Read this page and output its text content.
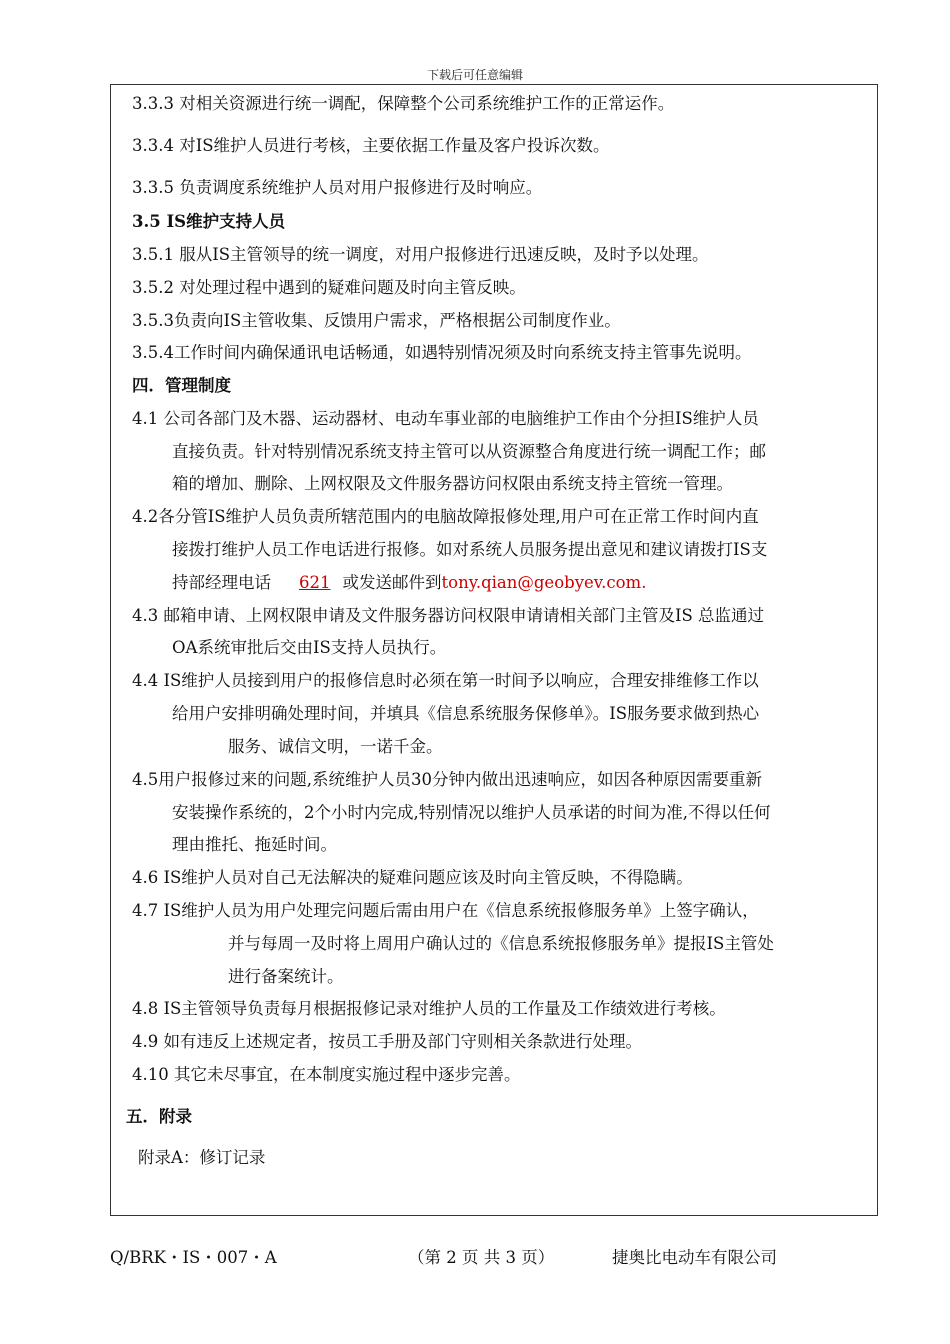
下载后可任意编辑
3.3.3 对相关资源进行统一调配，保障整个公司系统维护工作的正常运作。
3.3.4 对IS维护人员进行考核，主要依据工作量及客户投诉次数。
3.3.5 负责调度系统维护人员对用户报修进行及时响应。
3.5 IS维护支持人员
3.5.1 服从IS主管领导的统一调度，对用户报修进行迅速反映，及时予以处理。
3.5.2 对处理过程中遇到的疑难问题及时向主管反映。
3.5.3负责向IS主管收集、反馈用户需求，严格根据公司制度作业。
3.5.4工作时间内确保通讯电话畅通，如遇特别情况须及时向系统支持主管事先说明。
四．管理制度
4.1 公司各部门及木器、运动器材、电动车事业部的电脑维护工作由个分担IS维护人员
直接负责。针对特别情况系统支持主管可以从资源整合角度进行统一调配工作；邮
箱的增加、删除、上网权限及文件服务器访问权限由系统支持主管统一管理。
4.2各分管IS维护人员负责所辖范围内的电脑故障报修处理,用户可在正常工作时间内直
接拨打维护人员工作电话进行报修。如对系统人员服务提出意见和建议请拨打IS支
持部经理电话 621 或发送邮件到tony.qian@geobyev.com.
4.3 邮箱申请、上网权限申请及文件服务器访问权限申请请相关部门主管及IS 总监通过
OA系统审批后交由IS支持人员执行。
4.4 IS维护人员接到用户的报修信息时必须在第一时间予以响应，合理安排维修工作以
给用户安排明确处理时间，并填具《信息系统服务保修单》。IS服务要求做到热心
服务、诚信文明，一诺千金。
4.5用户报修过来的问题,系统维护人员30分钟内做出迅速响应，如因各种原因需要重新
安装操作系统的，2个小时内完成,特别情况以维护人员承诺的时间为准,不得以任何
理由推托、拖延时间。
4.6 IS维护人员对自己无法解决的疑难问题应该及时向主管反映，不得隐瞒。
4.7 IS维护人员为用户处理完问题后需由用户在《信息系统报修服务单》上签字确认，
并与每周一及时将上周用户确认过的《信息系统报修服务单》提报IS主管处
进行备案统计。
4.8 IS主管领导负责每月根据报修记录对维护人员的工作量及工作绩效进行考核。
4.9 如有违反上述规定者，按员工手册及部门守则相关条款进行处理。
4.10 其它未尽事宜，在本制度实施过程中逐步完善。
五．附录
附录A：修订记录
Q/BRK・IS・007・A	（第 2 页 共 3 页）	捷奥比电动车有限公司
